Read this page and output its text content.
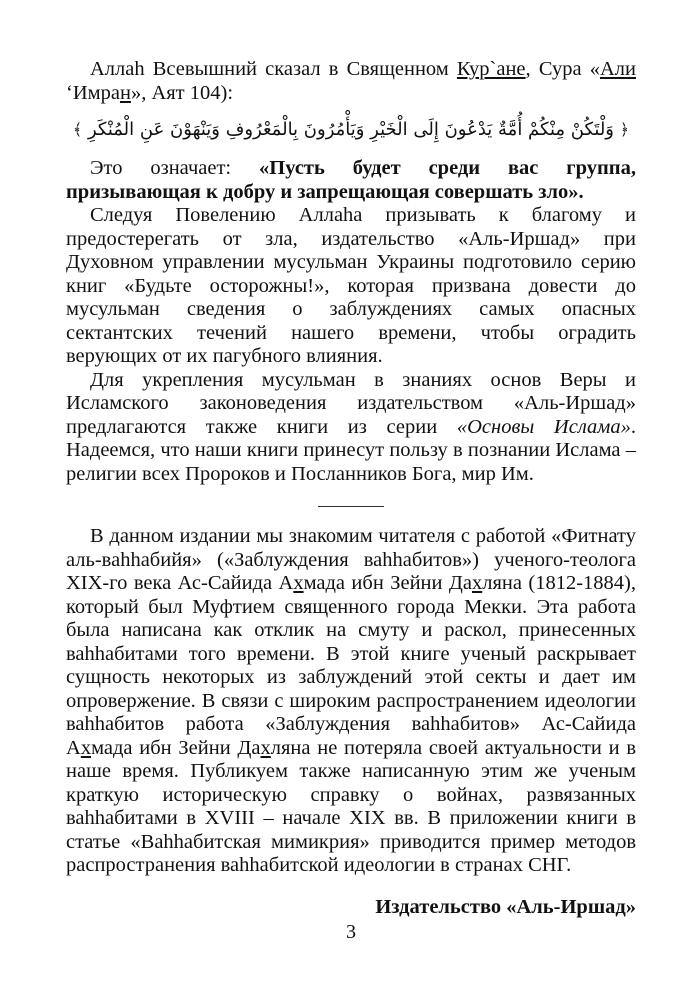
Аллаh Всевышний сказал в Священном Кур`ане, Сура «Али ‘Имран», Аят 104):

﴿ وَلْتَكُنْ مِنْكُمْ أُمَّةٌ يَدْعُونَ إِلَى الْخَيْرِ وَيَأْمُرُونَ بِالْمَعْرُوفِ وَيَنْهَوْنَ عَنِ الْمُنْكَرِ ﴾

Это означает: «Пусть будет среди вас группа, призывающая к добру и запрещающая совершать зло».

Следуя Повелению Аллаhа призывать к благому и предостерегать от зла, издательство «Аль-Иршад» при Духовном управлении мусульман Украины подготовило серию книг «Будьте осторожны!», которая призвана довести до мусульман сведения о заблуждениях самых опасных сектантских течений нашего времени, чтобы оградить верующих от их пагубного влияния.

Для укрепления мусульман в знаниях основ Веры и Исламского законоведения издательством «Аль-Иршад» предлагаются также книги из серии «Основы Ислама». Надеемся, что наши книги принесут пользу в познании Ислама – религии всех Пророков и Посланников Бога, мир Им.

В данном издании мы знакомим читателя с работой «Фитнату аль-ваhhабийя» («Заблуждения ваhhабитов») ученого-теолога XIX-го века Ас-Сайида Ахмада ибн Зейни Дахляна (1812-1884), который был Муфтием священного города Мекки. Эта работа была написана как отклик на смуту и раскол, принесенных ваhhабитами того времени. В этой книге ученый раскрывает сущность некоторых из заблуждений этой секты и дает им опровержение. В связи с широким распространением идеологии ваhhабитов работа «Заблуждения ваhhабитов» Ас-Сайида Ахмада ибн Зейни Дахляна не потеряла своей актуальности и в наше время. Публикуем также написанную этим же ученым краткую историческую справку о войнах, развязанных ваhhабитами в XVIII – начале XIX вв. В приложении книги в статье «Ваhhабитская мимикрия» приводится пример методов распространения ваhhабитской идеологии в странах СНГ.

Издательство «Аль-Иршад»

3
